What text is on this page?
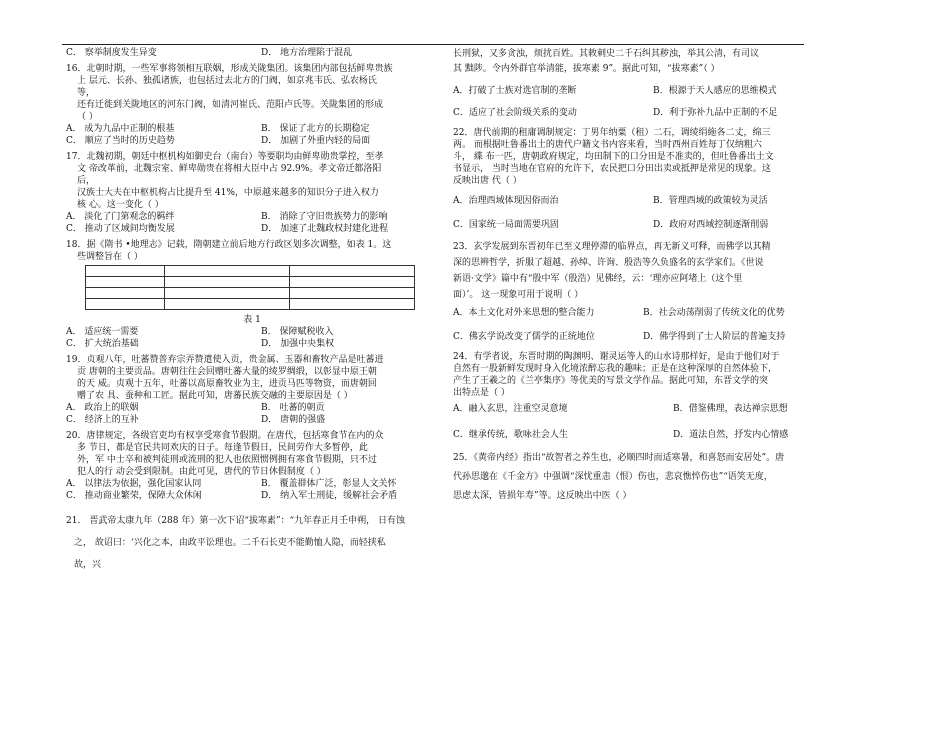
C． 察举制度发生异变	D． 地方治理陷于混乱

16．北朝时期，一些军事将领相互联姻，形成关陇集团。该集团内部包括鲜卑贵族

上 层元、长孙、独孤诸族，也包括过去北方的门阀，如京兆韦氏、弘农杨氏

等，

还有迁徙到关陇地区的河东门阀，如清河崔氏、范阳卢氏等。关陇集团的形成

（ ）

A． 成为九品中正制的根基	B． 保证了北方的长期稳定
C． 顺应了当时的历史趋势	D． 加剧了外重内轻的局面

17．北魏初期，朝廷中枢机构如御史台（南台）等要职均由鲜卑勋贵掌控，至孝

文 帝改革前，北魏宗室、鲜卑勋贵在将相大臣中占 92.9%。孝文帝迁都洛阳

后，

汉族士大夫在中枢机构占比提升至 41%，中原越来越多的知识分子进入权力

核 心。这一变化（ ）

A． 淡化了门第观念的羁绊	B． 消除了守旧贵族势力的影响
C． 推动了区域间均衡发展	D． 加速了北魏政权封建化进程

18．据《隋书 •地理志》记载，隋朝建立前后地方行政区划多次调整，如表 1。这

些调整旨在（ ）

表 1

A． 适应统一需要	B． 保障赋税收入
C． 扩大统治基础	D． 加强中央集权

19．贞观八年，吐蕃赞普弃宗弄赞遣使入贡，贵金属、玉器和畜牧产品是吐蕃进

贡 唐朝的主要贡品。唐朝往往会回赠吐蕃大量的绫罗绸缎，以彰显中原王朝

的天 威。贞观十五年，吐蕃以高原畜牧业为主，进贡马匹等物资，而唐朝回

赠了农 具、蚕种和工匠。据此可知，唐蕃民族交融的主要原因是（ ）

A． 政治上的联姻	B． 吐蕃的朝贡
C． 经济上的互补	D． 唐朝的强盛

20．唐律规定，各级官吏均有权享受寒食节假期。在唐代，包括寒食节在内的众

多 节日，都是官民共同欢庆的日子。每逢节假日，民间劳作大多暂停，此

外，军 中士卒和被判徒刑或流刑的犯人也依照惯例拥有寒食节假期，只不过

犯人的行 动会受到限制。由此可见，唐代的节日休假制度（ ）

A． 以律法为依据，强化国家认同	B． 覆盖群体广泛，彰显人文关怀
C． 推动商业繁荣，保障大众休闲	D． 纳入军士刑徒，缓解社会矛盾

21． 晋武帝太康九年（288 年）第一次下诏“拔寒素”：“九年春正月壬申朔， 日有蚀

之， 故诏曰：‘兴化之本，由政平讼理也。二千石长吏不能勤恤人隐，而轻挟私

故，兴

长刑狱，又多贪浊，烦扰百姓。其敕刺史二千石纠其秽浊，举其公清，有司议

其 黜陟。令内外群官举清能，拔寒素 9”。据此可知，“拔寒素”（ ）

A．打破了士族对选官制的垄断	B．根源于天人感应的思维模式
C．适应了社会阶级关系的变动	D．利于弥补九品中正制的不足

22．唐代前期的租庸调制规定：丁男年纳粟（租）二石，调绫绢絁各二丈，绵三

两。 而根据吐鲁番出土的唐代户籍文书内容来看，当时西州百姓每丁仅纳粗六

斗， 緤 布一匹，唐朝政府规定，均田制下的口分田是不准卖的，但吐鲁番出土文

书显示， 当时当地在官府的允许下，农民把口分田出卖或抵押是常见的现象。这

反映出唐 代（ ）

A．治理西域体现因俗而治	B．管理西域的政策较为灵活
C．国家统一局面需要巩固	D．政府对西域控制逐渐削弱

23．玄学发展到东晋初年已至义理停滞的临界点，再无新义可释，而佛学以其精

深的思辨哲学，折服了超越、孙绰、许询、殷浩等久负盛名的玄学家们。《世说

新语·文学》篇中有“殷中军（殷浩）见佛经，云：‘理亦应阿堵上（这个里

面）’。 这一现象可用于说明（ ）

A．本土文化对外来思想的整合能力	B．社会动荡削弱了传统文化的优势
C．佛玄学说改变了儒学的正统地位	D．佛学得到了士人阶层的普遍支持

24．有学者说，东晋时期的陶渊明、谢灵运等人的山水诗那样好，是由于他们对于

自然有一股新鲜发现时身入化境浓醉忘我的趣味；正是在这种深厚的自然体验下，

产生了王羲之的《兰亭集序》等优美的写景文学作品。据此可知，东晋文学的突

出特点是（ ）

A．融入玄思，注重空灵意境	B．借鉴佛理，表达禅宗思想
C．继承传统，歌咏社会人生	D．道法自然，抒发内心情感

25．《黄帝内经》指出“故智者之养生也，必顺四时而适寒暑，和喜怒而安居处”。唐

代孙思邈在《千金方》中强调“深忧重恚（恨）伤也，悲哀憔悴伤也”“语笑无度，

思虑太深，皆损年寿”等。这反映出中医（ ）
